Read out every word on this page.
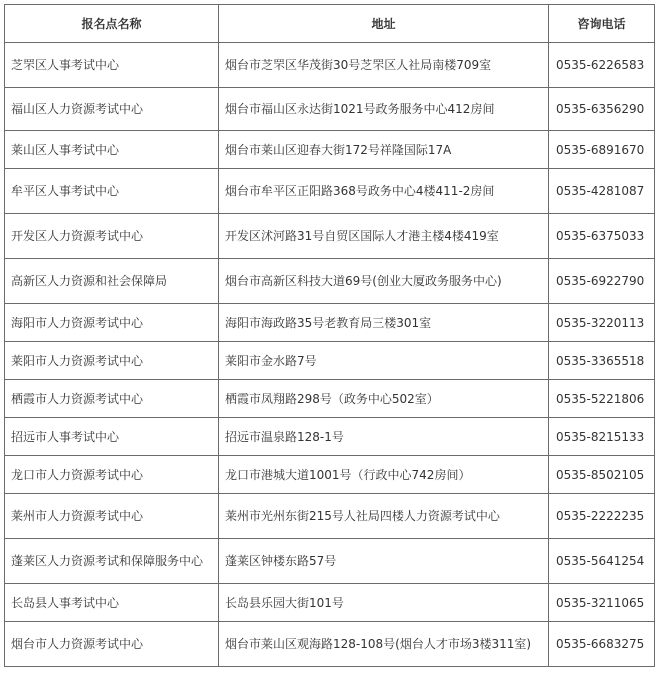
报名点名称	地址	咨询电话
芝罘区人事考试中心	烟台市芝罘区华茂街30号芝罘区人社局南楼709室	0535-6226583
福山区人力资源考试中心	烟台市福山区永达街1021号政务服务中心412房间	0535-6356290
莱山区人事考试中心	烟台市莱山区迎春大街172号祥隆国际17A	0535-6891670
牟平区人事考试中心	烟台市牟平区正阳路368号政务中心4楼411-2房间	0535-4281087
开发区人力资源考试中心	开发区沭河路31号自贸区国际人才港主楼4楼419室	0535-6375033
高新区人力资源和社会保障局	烟台市高新区科技大道69号(创业大厦政务服务中心)	0535-6922790
海阳市人力资源考试中心	海阳市海政路35号老教育局三楼301室	0535-3220113
莱阳市人力资源考试中心	莱阳市金水路7号	0535-3365518
栖霞市人力资源考试中心	栖霞市凤翔路298号（政务中心502室）	0535-5221806
招远市人事考试中心	招远市温泉路128-1号	0535-8215133
龙口市人力资源考试中心	龙口市港城大道1001号（行政中心742房间）	0535-8502105
莱州市人力资源考试中心	莱州市光州东街215号人社局四楼人力资源考试中心	0535-2222235
蓬莱区人力资源考试和保障服务中心	蓬莱区钟楼东路57号	0535-5641254
长岛县人事考试中心	长岛县乐园大街101号	0535-3211065
烟台市人力资源考试中心	烟台市莱山区观海路128-108号(烟台人才市场3楼311室)	0535-6683275
